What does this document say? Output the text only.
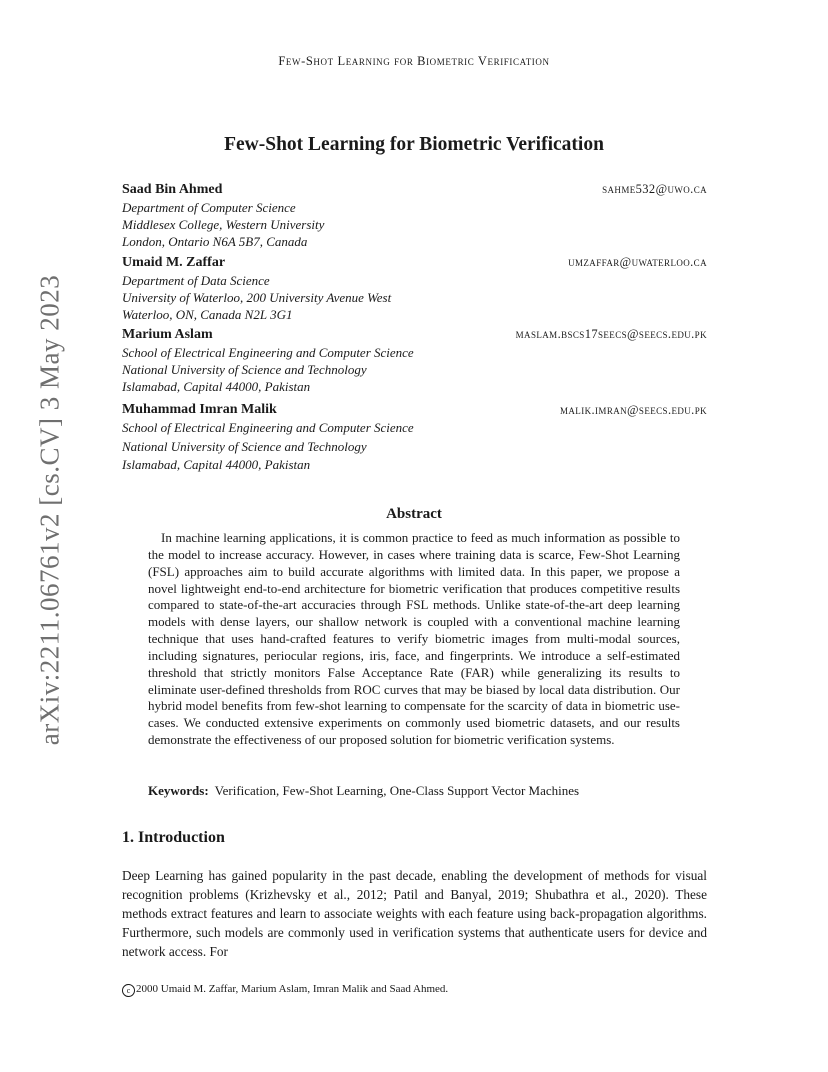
Few-Shot Learning for Biometric Verification
arXiv:2211.06761v2 [cs.CV] 3 May 2023
Few-Shot Learning for Biometric Verification
Saad Bin Ahmed	sahme532@uwo.ca
Department of Computer Science
Middlesex College, Western University
London, Ontario N6A 5B7, Canada
Umaid M. Zaffar	umzaffar@uwaterloo.ca
Department of Data Science
University of Waterloo, 200 University Avenue West
Waterloo, ON, Canada N2L 3G1
Marium Aslam	maslam.bscs17seecs@seecs.edu.pk
School of Electrical Engineering and Computer Science
National University of Science and Technology
Islamabad, Capital 44000, Pakistan
Muhammad Imran Malik	malik.imran@seecs.edu.pk
School of Electrical Engineering and Computer Science
National University of Science and Technology
Islamabad, Capital 44000, Pakistan
Abstract

In machine learning applications, it is common practice to feed as much information as possible to the model to increase accuracy. However, in cases where training data is scarce, Few-Shot Learning (FSL) approaches aim to build accurate algorithms with limited data. In this paper, we propose a novel lightweight end-to-end architecture for biometric verification that produces competitive results compared to state-of-the-art accuracies through FSL methods. Unlike state-of-the-art deep learning models with dense layers, our shallow network is coupled with a conventional machine learning technique that uses hand-crafted features to verify biometric images from multi-modal sources, including signatures, periocular regions, iris, face, and fingerprints. We introduce a self-estimated threshold that strictly monitors False Acceptance Rate (FAR) while generalizing its results to eliminate user-defined thresholds from ROC curves that may be biased by local data distribution. Our hybrid model benefits from few-shot learning to compensate for the scarcity of data in biometric use-cases. We conducted extensive experiments on commonly used biometric datasets, and our results demonstrate the effectiveness of our proposed solution for biometric verification systems.

Keywords: Verification, Few-Shot Learning, One-Class Support Vector Machines
1. Introduction

Deep Learning has gained popularity in the past decade, enabling the development of methods for visual recognition problems (Krizhevsky et al., 2012; Patil and Banyal, 2019; Shubathra et al., 2020). These methods extract features and learn to associate weights with each feature using back-propagation algorithms. Furthermore, such models are commonly used in verification systems that authenticate users for device and network access. For

c 2000 Umaid M. Zaffar, Marium Aslam, Imran Malik and Saad Ahmed.
